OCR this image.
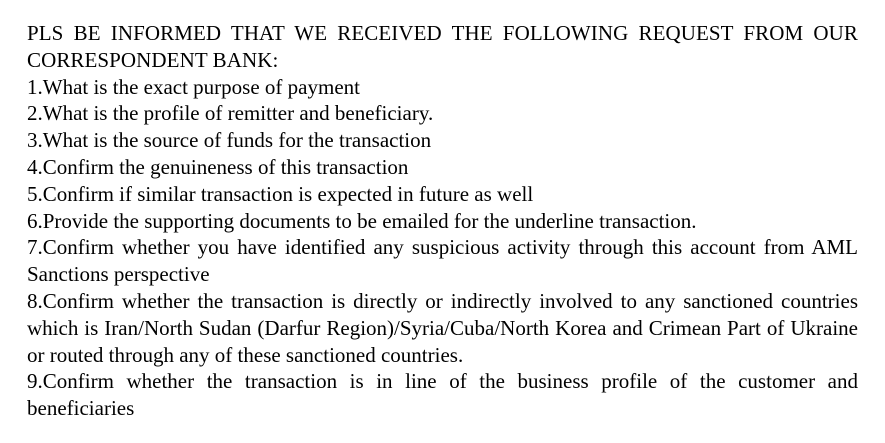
PLS BE INFORMED THAT WE RECEIVED THE FOLLOWING REQUEST FROM OUR CORRESPONDENT BANK:

1.What is the exact purpose of payment

2.What is the profile of remitter and beneficiary.

3.What is the source of funds for the transaction

4.Confirm the genuineness of this transaction

5.Confirm if similar transaction is expected in future as well

6.Provide the supporting documents to be emailed for the underline transaction.

7.Confirm whether you have identified any suspicious activity through this account from AML Sanctions perspective

8.Confirm whether the transaction is directly or indirectly involved to any sanctioned countries which is Iran/North Sudan (Darfur Region)/Syria/Cuba/North Korea and Crimean Part of Ukraine or routed through any of these sanctioned countries.

9.Confirm whether the transaction is in line of the business profile of the customer and beneficiaries
